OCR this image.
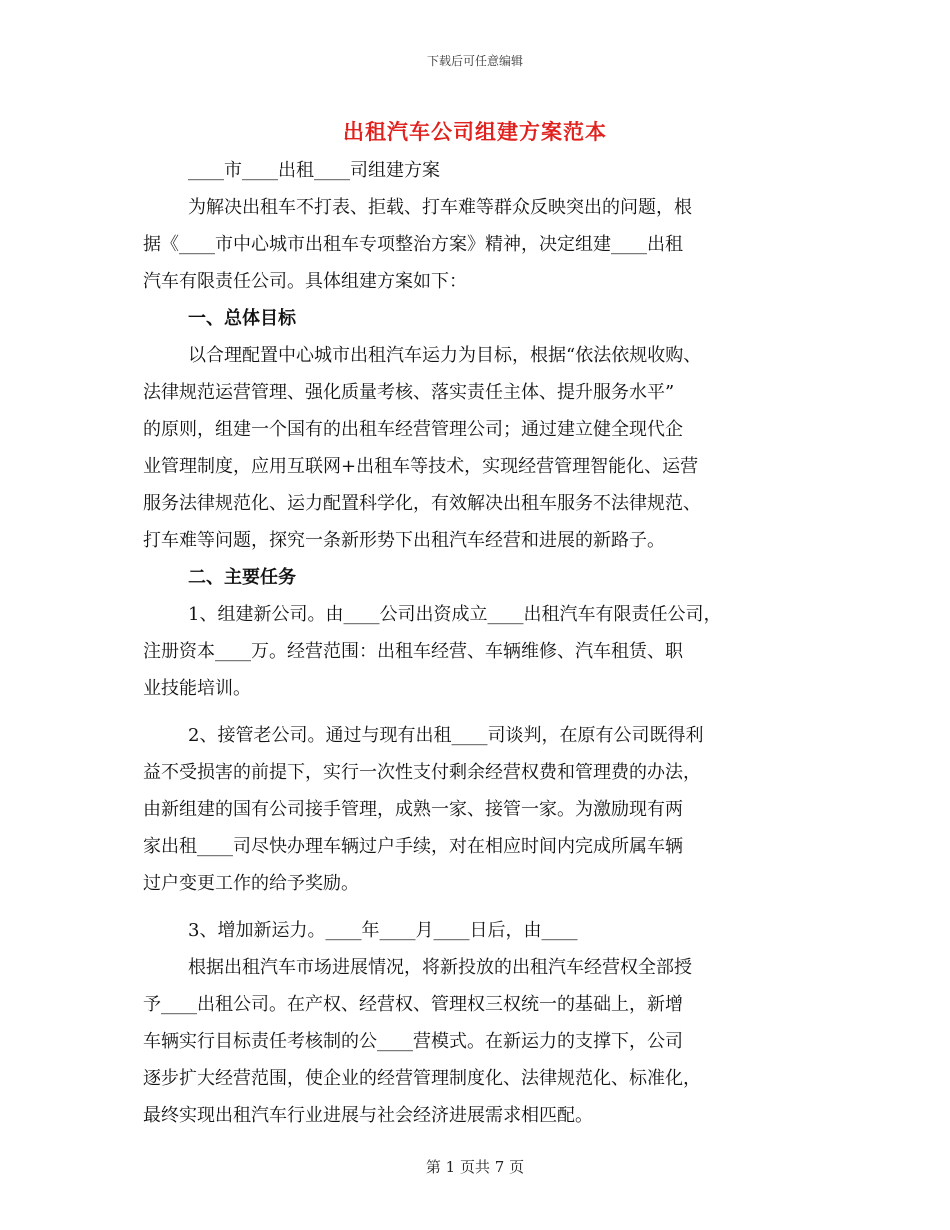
下载后可任意编辑
出租汽车公司组建方案范本
____市____出租____司组建方案
为解决出租车不打表、拒载、打车难等群众反映突出的问题，根
据《____市中心城市出租车专项整治方案》精神，决定组建____出租
汽车有限责任公司。具体组建方案如下：
一、总体目标
以合理配置中心城市出租汽车运力为目标，根据“依法依规收购、
法律规范运营管理、强化质量考核、落实责任主体、提升服务水平”
的原则，组建一个国有的出租车经营管理公司；通过建立健全现代企
业管理制度，应用互联网+出租车等技术，实现经营管理智能化、运营
服务法律规范化、运力配置科学化，有效解决出租车服务不法律规范、
打车难等问题，探究一条新形势下出租汽车经营和进展的新路子。
二、主要任务
1、组建新公司。由____公司出资成立____出租汽车有限责任公司，
注册资本____万。经营范围：出租车经营、车辆维修、汽车租赁、职
业技能培训。
2、接管老公司。通过与现有出租____司谈判，在原有公司既得利
益不受损害的前提下，实行一次性支付剩余经营权费和管理费的办法，
由新组建的国有公司接手管理，成熟一家、接管一家。为激励现有两
家出租____司尽快办理车辆过户手续，对在相应时间内完成所属车辆
过户变更工作的给予奖励。
3、增加新运力。____年____月____日后，由____
根据出租汽车市场进展情况，将新投放的出租汽车经营权全部授
予____出租公司。在产权、经营权、管理权三权统一的基础上，新增
车辆实行目标责任考核制的公____营模式。在新运力的支撑下，公司
逐步扩大经营范围，使企业的经营管理制度化、法律规范化、标准化，
最终实现出租汽车行业进展与社会经济进展需求相匹配。
第 1 页共 7 页
